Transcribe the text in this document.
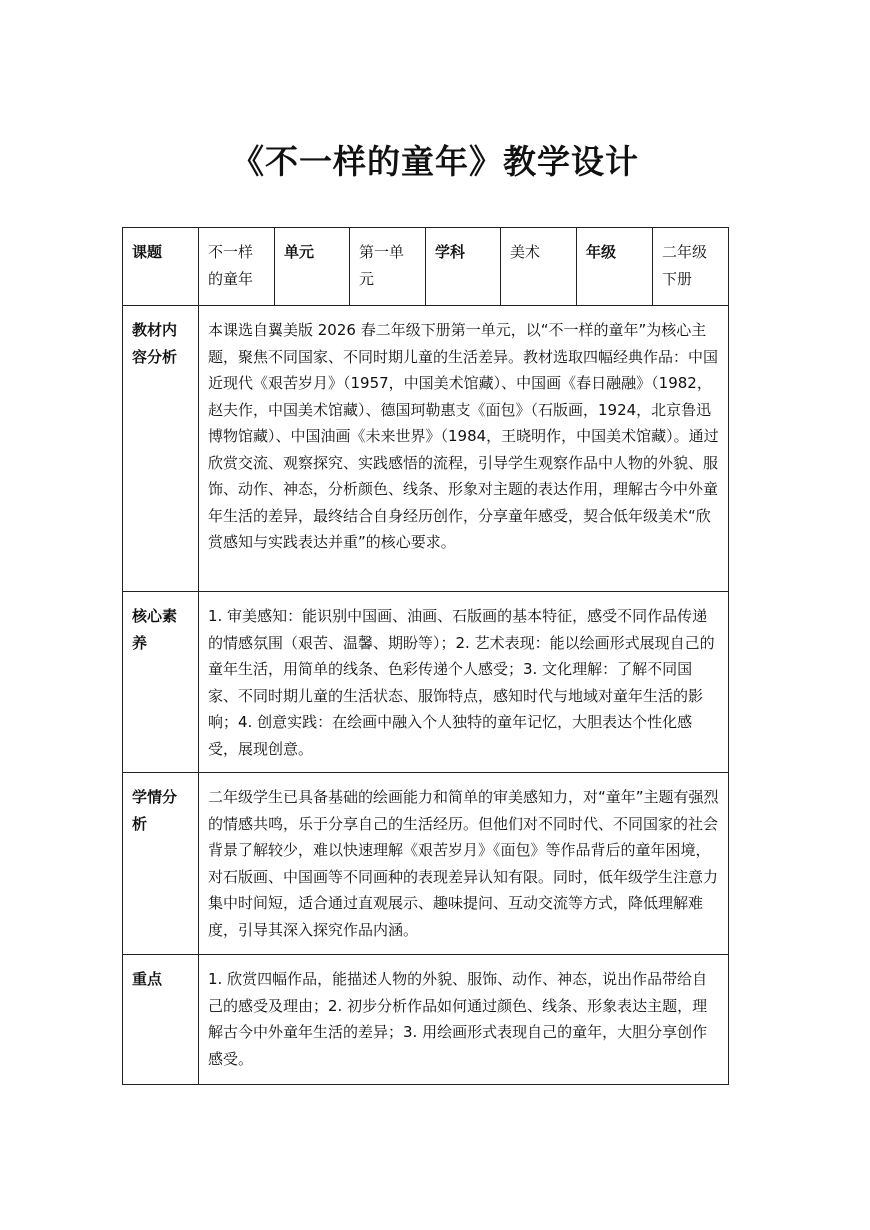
《不一样的童年》教学设计
课题	不一样的童年	单元	第一单元	学科	美术	年级	二年级下册
教材内容分析	本课选自翼美版 2026 春二年级下册第一单元，以“不一样的童年”为核心主题，聚焦不同国家、不同时期儿童的生活差异。教材选取四幅经典作品：中国近现代《艰苦岁月》（1957，中国美术馆藏）、中国画《春日融融》（1982，赵夫作，中国美术馆藏）、德国珂勒惠支《面包》（石版画，1924，北京鲁迅博物馆藏）、中国油画《未来世界》（1984，王晓明作，中国美术馆藏）。通过欣赏交流、观察探究、实践感悟的流程，引导学生观察作品中人物的外貌、服饰、动作、神态，分析颜色、线条、形象对主题的表达作用，理解古今中外童年生活的差异，最终结合自身经历创作，分享童年感受，契合低年级美术“欣赏感知与实践表达并重”的核心要求。						
核心素养	1. 审美感知：能识别中国画、油画、石版画的基本特征，感受不同作品传递的情感氛围（艰苦、温馨、期盼等）；2. 艺术表现：能以绘画形式展现自己的童年生活，用简单的线条、色彩传递个人感受；3. 文化理解：了解不同国家、不同时期儿童的生活状态、服饰特点，感知时代与地域对童年生活的影响；4. 创意实践：在绘画中融入个人独特的童年记忆，大胆表达个性化感受，展现创意。						
学情分析	二年级学生已具备基础的绘画能力和简单的审美感知力，对“童年”主题有强烈的情感共鸣，乐于分享自己的生活经历。但他们对不同时代、不同国家的社会背景了解较少，难以快速理解《艰苦岁月》《面包》等作品背后的童年困境，对石版画、中国画等不同画种的表现差异认知有限。同时，低年级学生注意力集中时间短，适合通过直观展示、趣味提问、互动交流等方式，降低理解难度，引导其深入探究作品内涵。						
重点	1. 欣赏四幅作品，能描述人物的外貌、服饰、动作、神态，说出作品带给自己的感受及理由；2. 初步分析作品如何通过颜色、线条、形象表达主题，理解古今中外童年生活的差异；3. 用绘画形式表现自己的童年，大胆分享创作感受。						
